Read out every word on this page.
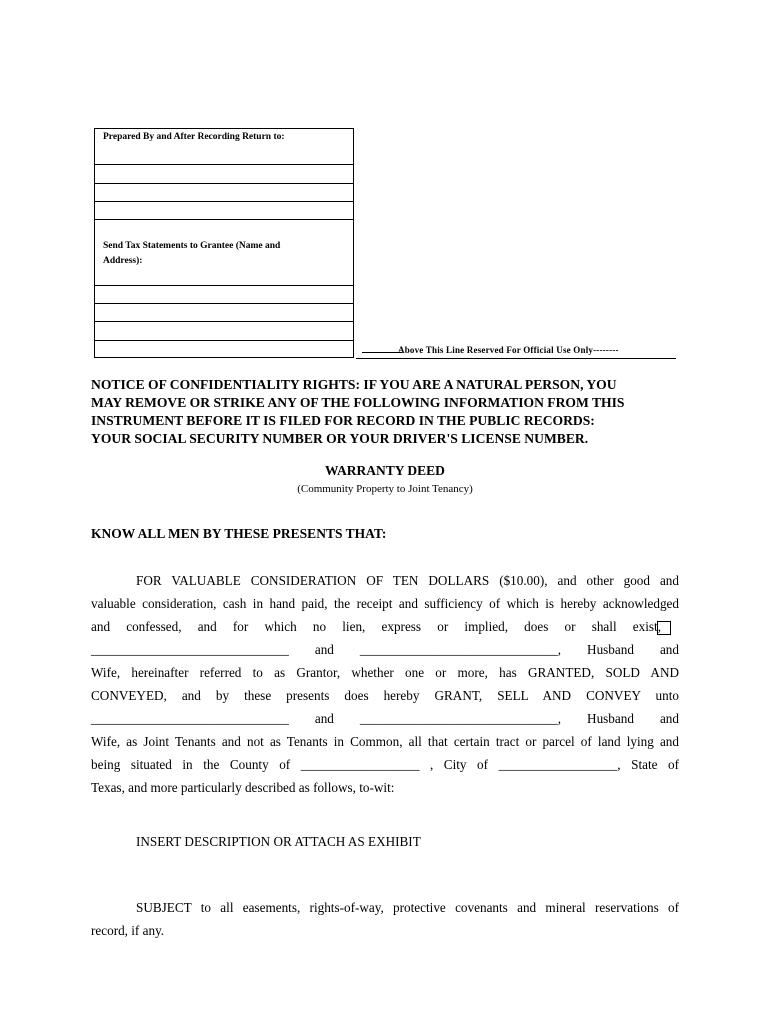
Prepared By and After Recording Return to:
Send Tax Statements to Grantee (Name and
Address):
Above This Line Reserved For Official Use Only--------
NOTICE OF CONFIDENTIALITY RIGHTS: IF YOU ARE A NATURAL PERSON, YOU
MAY REMOVE OR STRIKE ANY OF THE FOLLOWING INFORMATION FROM THIS
INSTRUMENT BEFORE IT IS FILED FOR RECORD IN THE PUBLIC RECORDS:
YOUR SOCIAL SECURITY NUMBER OR YOUR DRIVER'S LICENSE NUMBER.
WARRANTY DEED
(Community Property to Joint Tenancy)
KNOW ALL MEN BY THESE PRESENTS THAT:
FOR VALUABLE CONSIDERATION OF TEN DOLLARS ($10.00), and other good and
valuable consideration, cash in hand paid, the receipt and sufficiency of which is hereby acknowledged
and confessed, and for which no lien, express or implied, does or shall exist,
______________________________ and ______________________________, Husband and
Wife, hereinafter referred to as Grantor, whether one or more, has GRANTED, SOLD AND
CONVEYED, and by these presents does hereby GRANT, SELL AND CONVEY unto
______________________________ and ______________________________, Husband and
Wife, as Joint Tenants and not as Tenants in Common, all that certain tract or parcel of land lying and
being situated in the County of __________________ , City of __________________, State of
Texas, and more particularly described as follows, to-wit:
INSERT DESCRIPTION OR ATTACH AS EXHIBIT
SUBJECT to all easements, rights-of-way, protective covenants and mineral reservations of
record, if any.
